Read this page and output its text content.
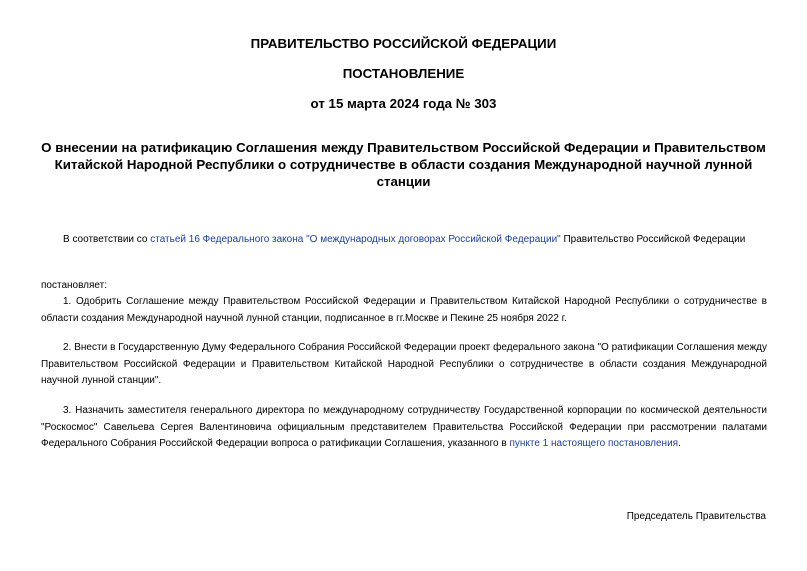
ПРАВИТЕЛЬСТВО РОССИЙСКОЙ ФЕДЕРАЦИИ

ПОСТАНОВЛЕНИЕ

от 15 марта 2024 года № 303

О внесении на ратификацию Соглашения между Правительством Российской Федерации и Правительством Китайской Народной Республики о сотрудничестве в области создания Международной научной лунной станции

В соответствии со статьей 16 Федерального закона "О международных договорах Российской Федерации" Правительство Российской Федерации

постановляет:

1. Одобрить Соглашение между Правительством Российской Федерации и Правительством Китайской Народной Республики о сотрудничестве в области создания Международной научной лунной станции, подписанное в гг.Москве и Пекине 25 ноября 2022 г.

2. Внести в Государственную Думу Федерального Собрания Российской Федерации проект федерального закона "О ратификации Соглашения между Правительством Российской Федерации и Правительством Китайской Народной Республики о сотрудничестве в области создания Международной научной лунной станции".

3. Назначить заместителя генерального директора по международному сотрудничеству Государственной корпорации по космической деятельности "Роскосмос" Савельева Сергея Валентиновича официальным представителем Правительства Российской Федерации при рассмотрении палатами Федерального Собрания Российской Федерации вопроса о ратификации Соглашения, указанного в пункте 1 настоящего постановления.

Председатель Правительства
